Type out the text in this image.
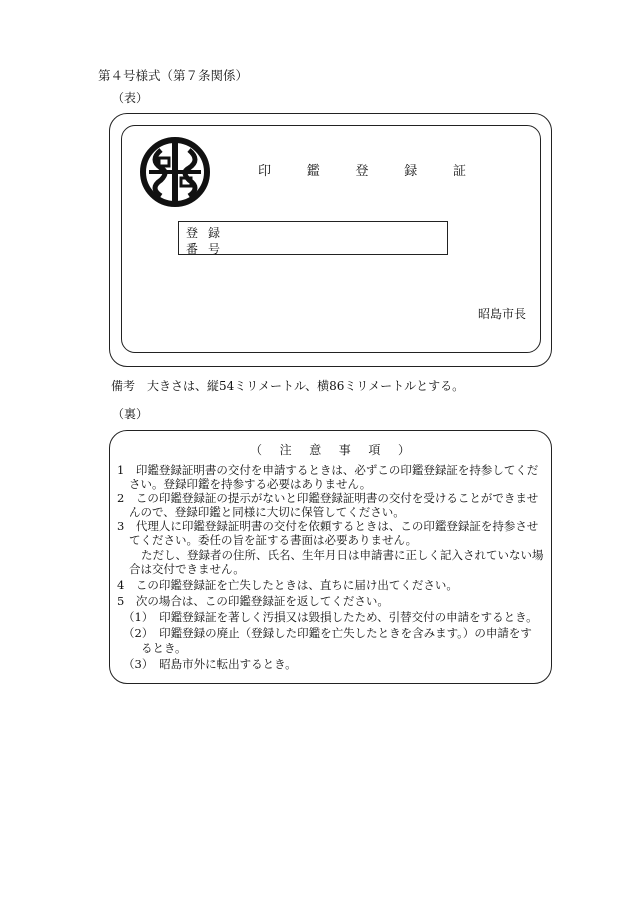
第４号様式（第７条関係）
（表）
印	鑑	登	録	証
登録
番号
昭島市長
備考　大きさは、縦54ミリメートル、横86ミリメートルとする。
（裏）
（ 注 意 事 項 ）
1　印鑑登録証明書の交付を申請するときは、必ずこの印鑑登録証を持参してくだ
さい。登録印鑑を持参する必要はありません。
2　この印鑑登録証の提示がないと印鑑登録証明書の交付を受けることができませ
んので、登録印鑑と同様に大切に保管してください。
3　代理人に印鑑登録証明書の交付を依頼するときは、この印鑑登録証を持参させ
てください。委任の旨を証する書面は必要ありません。
ただし、登録者の住所、氏名、生年月日は申請書に正しく記入されていない場
合は交付できません。
4　この印鑑登録証を亡失したときは、直ちに届け出てください。
5　次の場合は、この印鑑登録証を返してください。
（1）　印鑑登録証を著しく汚損又は毀損したため、引替交付の申請をするとき。
（2）　印鑑登録の廃止（登録した印鑑を亡失したときを含みます。）の申請をす
るとき。
（3）　昭島市外に転出するとき。
